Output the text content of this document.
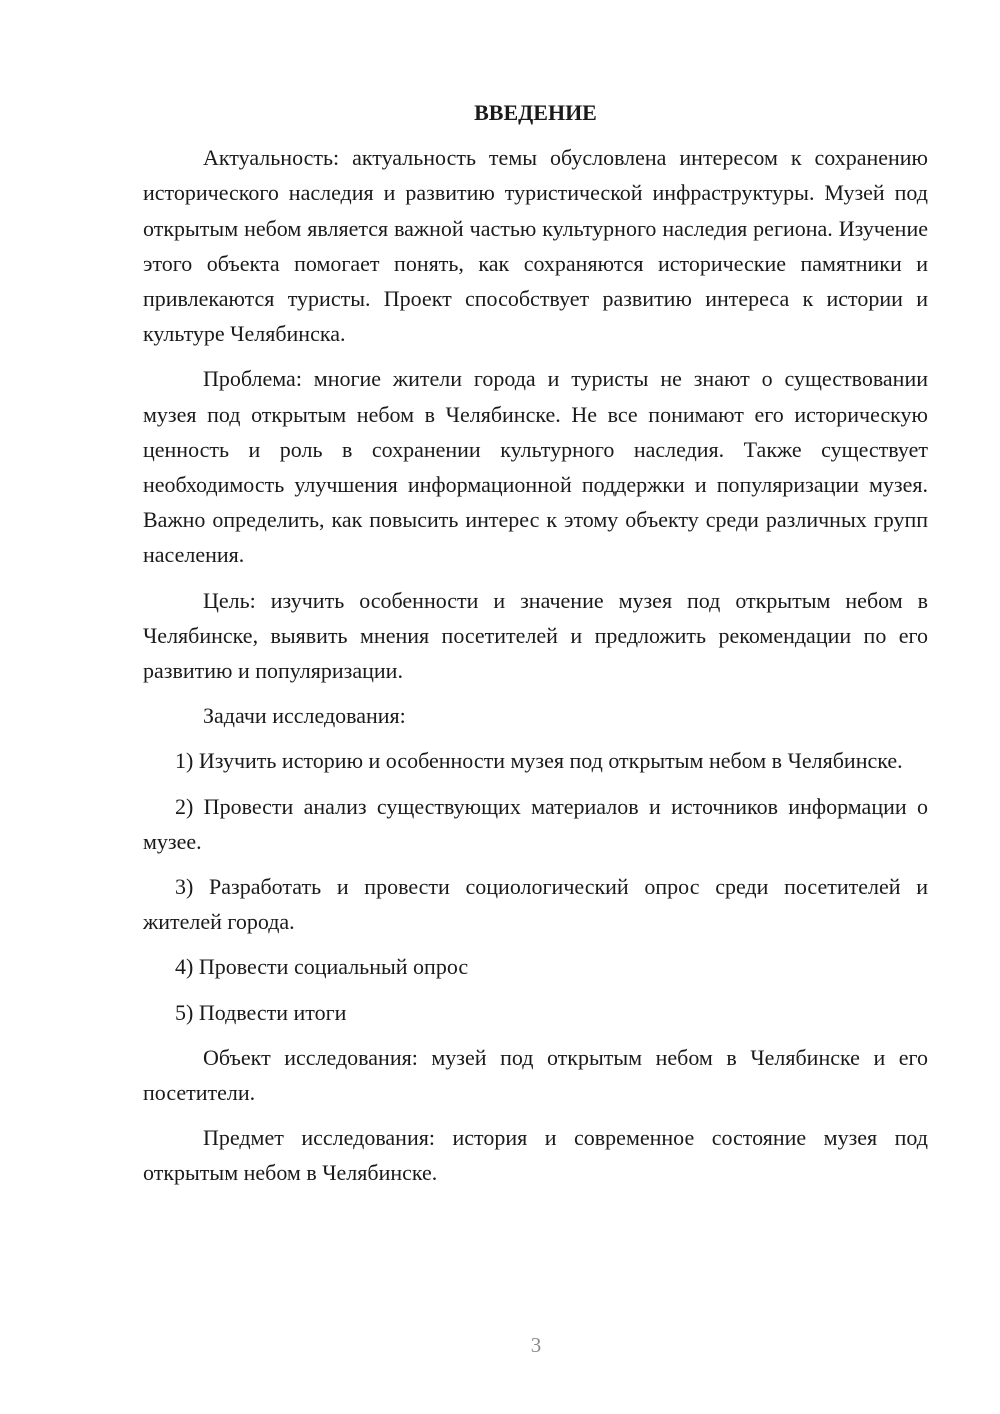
ВВЕДЕНИЕ

Актуальность: актуальность темы обусловлена интересом к сохранению исторического наследия и развитию туристической инфраструктуры. Музей под открытым небом является важной частью культурного наследия региона. Изучение этого объекта помогает понять, как сохраняются исторические памятники и привлекаются туристы. Проект способствует развитию интереса к истории и культуре Челябинска.

Проблема: многие жители города и туристы не знают о существовании музея под открытым небом в Челябинске. Не все понимают его историческую ценность и роль в сохранении культурного наследия. Также существует необходимость улучшения информационной поддержки и популяризации музея. Важно определить, как повысить интерес к этому объекту среди различных групп населения.

Цель: изучить особенности и значение музея под открытым небом в Челябинске, выявить мнения посетителей и предложить рекомендации по его развитию и популяризации.

Задачи исследования:

1) Изучить историю и особенности музея под открытым небом в Челябинске.

2) Провести анализ существующих материалов и источников информации о музее.

3) Разработать и провести социологический опрос среди посетителей и жителей города.

4) Провести социальный опрос

5) Подвести итоги

Объект исследования: музей под открытым небом в Челябинске и его посетители.

Предмет исследования: история и современное состояние музея под открытым небом в Челябинске.

3
